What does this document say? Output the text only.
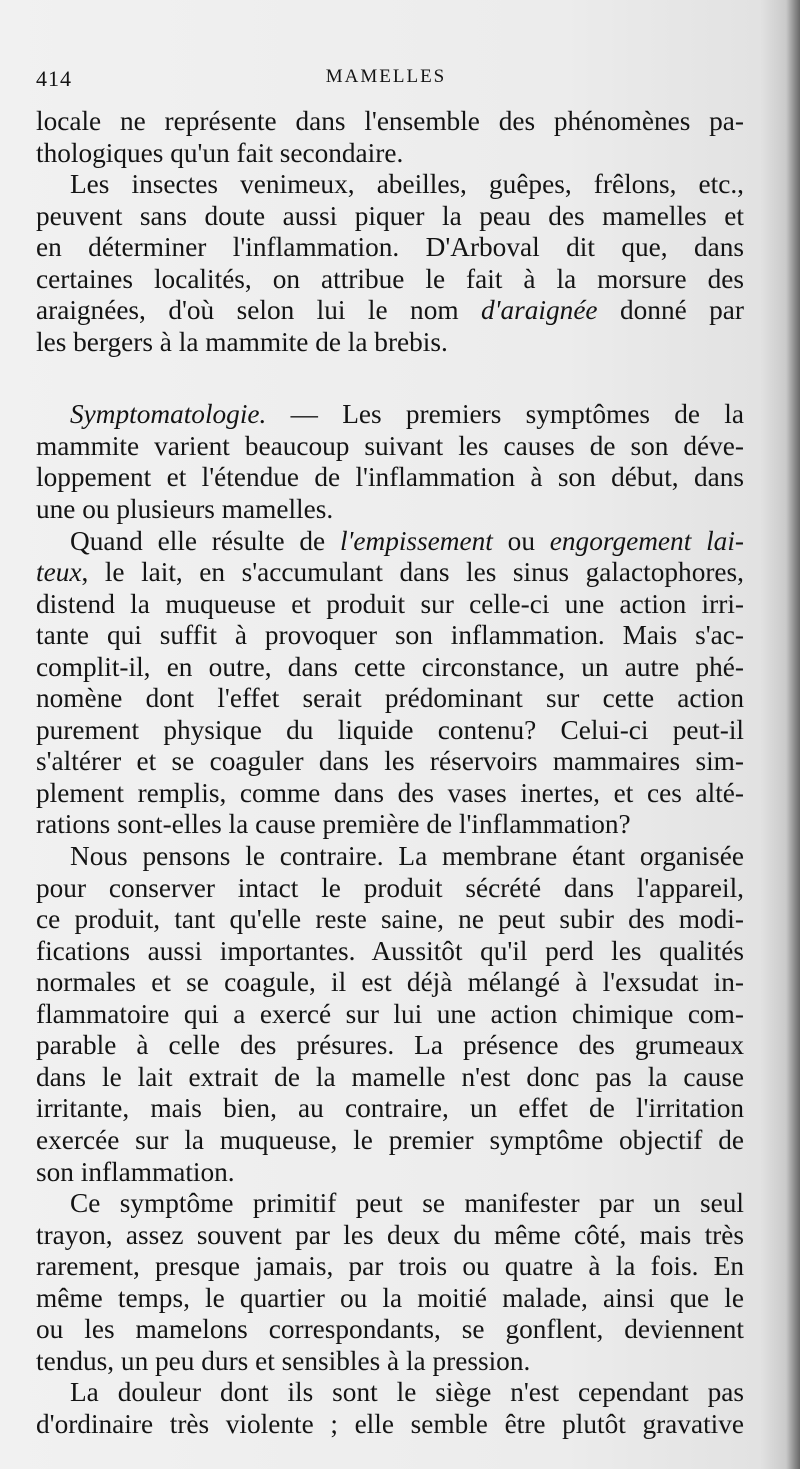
414	MAMELLES
locale ne représente dans l'ensemble des phénomènes pa-
thologiques qu'un fait secondaire.
Les insectes venimeux, abeilles, guêpes, frêlons, etc.,
peuvent sans doute aussi piquer la peau des mamelles et
en déterminer l'inflammation. D'Arboval dit que, dans
certaines localités, on attribue le fait à la morsure des
araignées, d'où selon lui le nom d'araignée donné par
les bergers à la mammite de la brebis.
Symptomatologie. — Les premiers symptômes de la
mammite varient beaucoup suivant les causes de son déve-
loppement et l'étendue de l'inflammation à son début, dans
une ou plusieurs mamelles.
Quand elle résulte de l'empissement ou engorgement lai-
teux, le lait, en s'accumulant dans les sinus galactophores,
distend la muqueuse et produit sur celle-ci une action irri-
tante qui suffit à provoquer son inflammation. Mais s'ac-
complit-il, en outre, dans cette circonstance, un autre phé-
nomène dont l'effet serait prédominant sur cette action
purement physique du liquide contenu? Celui-ci peut-il
s'altérer et se coaguler dans les réservoirs mammaires sim-
plement remplis, comme dans des vases inertes, et ces alté-
rations sont-elles la cause première de l'inflammation?
Nous pensons le contraire. La membrane étant organisée
pour conserver intact le produit sécrété dans l'appareil,
ce produit, tant qu'elle reste saine, ne peut subir des modi-
fications aussi importantes. Aussitôt qu'il perd les qualités
normales et se coagule, il est déjà mélangé à l'exsudat in-
flammatoire qui a exercé sur lui une action chimique com-
parable à celle des présures. La présence des grumeaux
dans le lait extrait de la mamelle n'est donc pas la cause
irritante, mais bien, au contraire, un effet de l'irritation
exercée sur la muqueuse, le premier symptôme objectif de
son inflammation.
Ce symptôme primitif peut se manifester par un seul
trayon, assez souvent par les deux du même côté, mais très
rarement, presque jamais, par trois ou quatre à la fois. En
même temps, le quartier ou la moitié malade, ainsi que le
ou les mamelons correspondants, se gonflent, deviennent
tendus, un peu durs et sensibles à la pression.
La douleur dont ils sont le siège n'est cependant pas
d'ordinaire très violente ; elle semble être plutôt gravative
